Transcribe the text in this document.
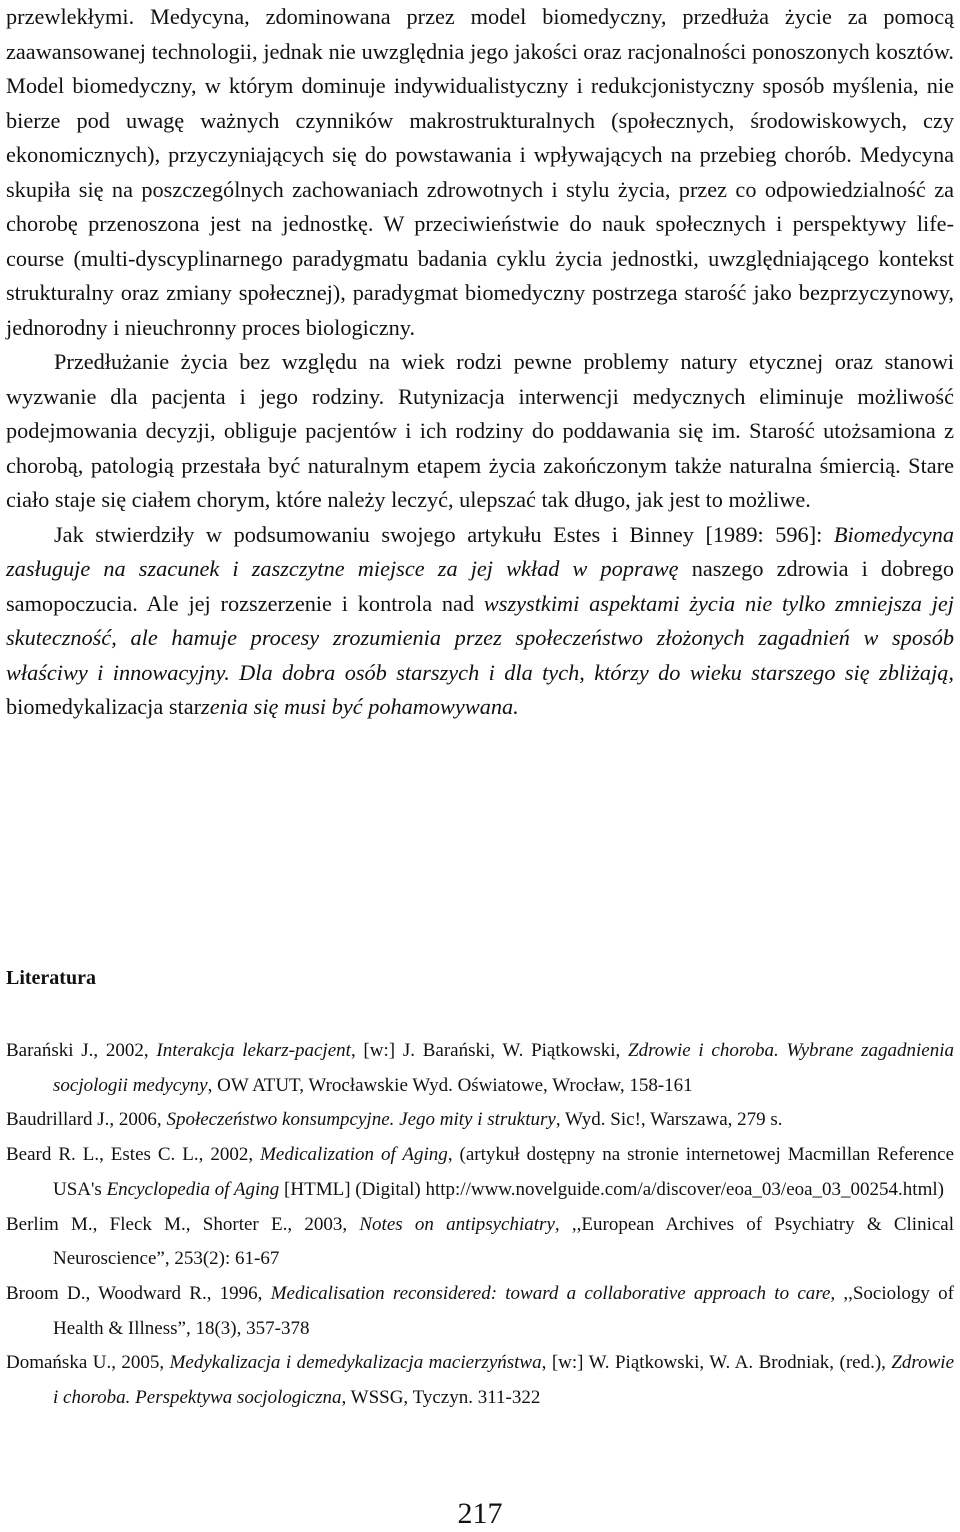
przewlekłymi. Medycyna, zdominowana przez model biomedyczny, przedłuża życie za pomocą zaawansowanej technologii, jednak nie uwzględnia jego jakości oraz racjonalności ponoszonych kosztów. Model biomedyczny, w którym dominuje indywidualistyczny i redukcjonistyczny sposób myślenia, nie bierze pod uwagę ważnych czynników makrostrukturalnych (społecznych, środowiskowych, czy ekonomicznych), przyczyniających się do powstawania i wpływających na przebieg chorób. Medycyna skupiła się na poszczególnych zachowaniach zdrowotnych i stylu życia, przez co odpowiedzialność za chorobę przenoszona jest na jednostkę. W przeciwieństwie do nauk społecznych i perspektywy life-course (multi-dyscyplinarnego paradygmatu badania cyklu życia jednostki, uwzględniającego kontekst strukturalny oraz zmiany społecznej), paradygmat biomedyczny postrzega starość jako bezprzyczynowy, jednorodny i nieuchronny proces biologiczny.

Przedłużanie życia bez względu na wiek rodzi pewne problemy natury etycznej oraz stanowi wyzwanie dla pacjenta i jego rodziny. Rutynizacja interwencji medycznych eliminuje możliwość podejmowania decyzji, obliguje pacjentów i ich rodziny do poddawania się im. Starość utożsamiona z chorobą, patologią przestała być naturalnym etapem życia zakończonym także naturalna śmiercią. Stare ciało staje się ciałem chorym, które należy leczyć, ulepszać tak długo, jak jest to możliwe.

Jak stwierdziły w podsumowaniu swojego artykułu Estes i Binney [1989: 596]: Biomedycyna zasługuje na szacunek i zaszczytne miejsce za jej wkład w poprawę naszego zdrowia i dobrego samopoczucia. Ale jej rozszerzenie i kontrola nad wszystkimi aspektami życia nie tylko zmniejsza jej skuteczność, ale hamuje procesy zrozumienia przez społeczeństwo złożonych zagadnień w sposób właściwy i innowacyjny. Dla dobra osób starszych i dla tych, którzy do wieku starszego się zbliżają, biomedykalizacja starzenia się musi być pohamowywana.

Literatura

Barański J., 2002, Interakcja lekarz-pacjent, [w:] J. Barański, W. Piątkowski, Zdrowie i choroba. Wybrane zagadnienia socjologii medycyny, OW ATUT, Wrocławskie Wyd. Oświatowe, Wrocław, 158-161

Baudrillard J., 2006, Społeczeństwo konsumpcyjne. Jego mity i struktury, Wyd. Sic!, Warszawa, 279 s.

Beard R. L., Estes C. L., 2002, Medicalization of Aging, (artykuł dostępny na stronie internetowej Macmillan Reference USA's Encyclopedia of Aging [HTML] (Digital) http://www.novelguide.com/a/discover/eoa_03/eoa_03_00254.html)

Berlim M., Fleck M., Shorter E., 2003, Notes on antipsychiatry, ,,European Archives of Psychiatry & Clinical Neuroscience”, 253(2): 61-67

Broom D., Woodward R., 1996, Medicalisation reconsidered: toward a collaborative approach to care, ,,Sociology of Health & Illness”, 18(3), 357-378

Domańska U., 2005, Medykalizacja i demedykalizacja macierzyństwa, [w:] W. Piątkowski, W. A. Brodniak, (red.), Zdrowie i choroba. Perspektywa socjologiczna, WSSG, Tyczyn. 311-322

217
